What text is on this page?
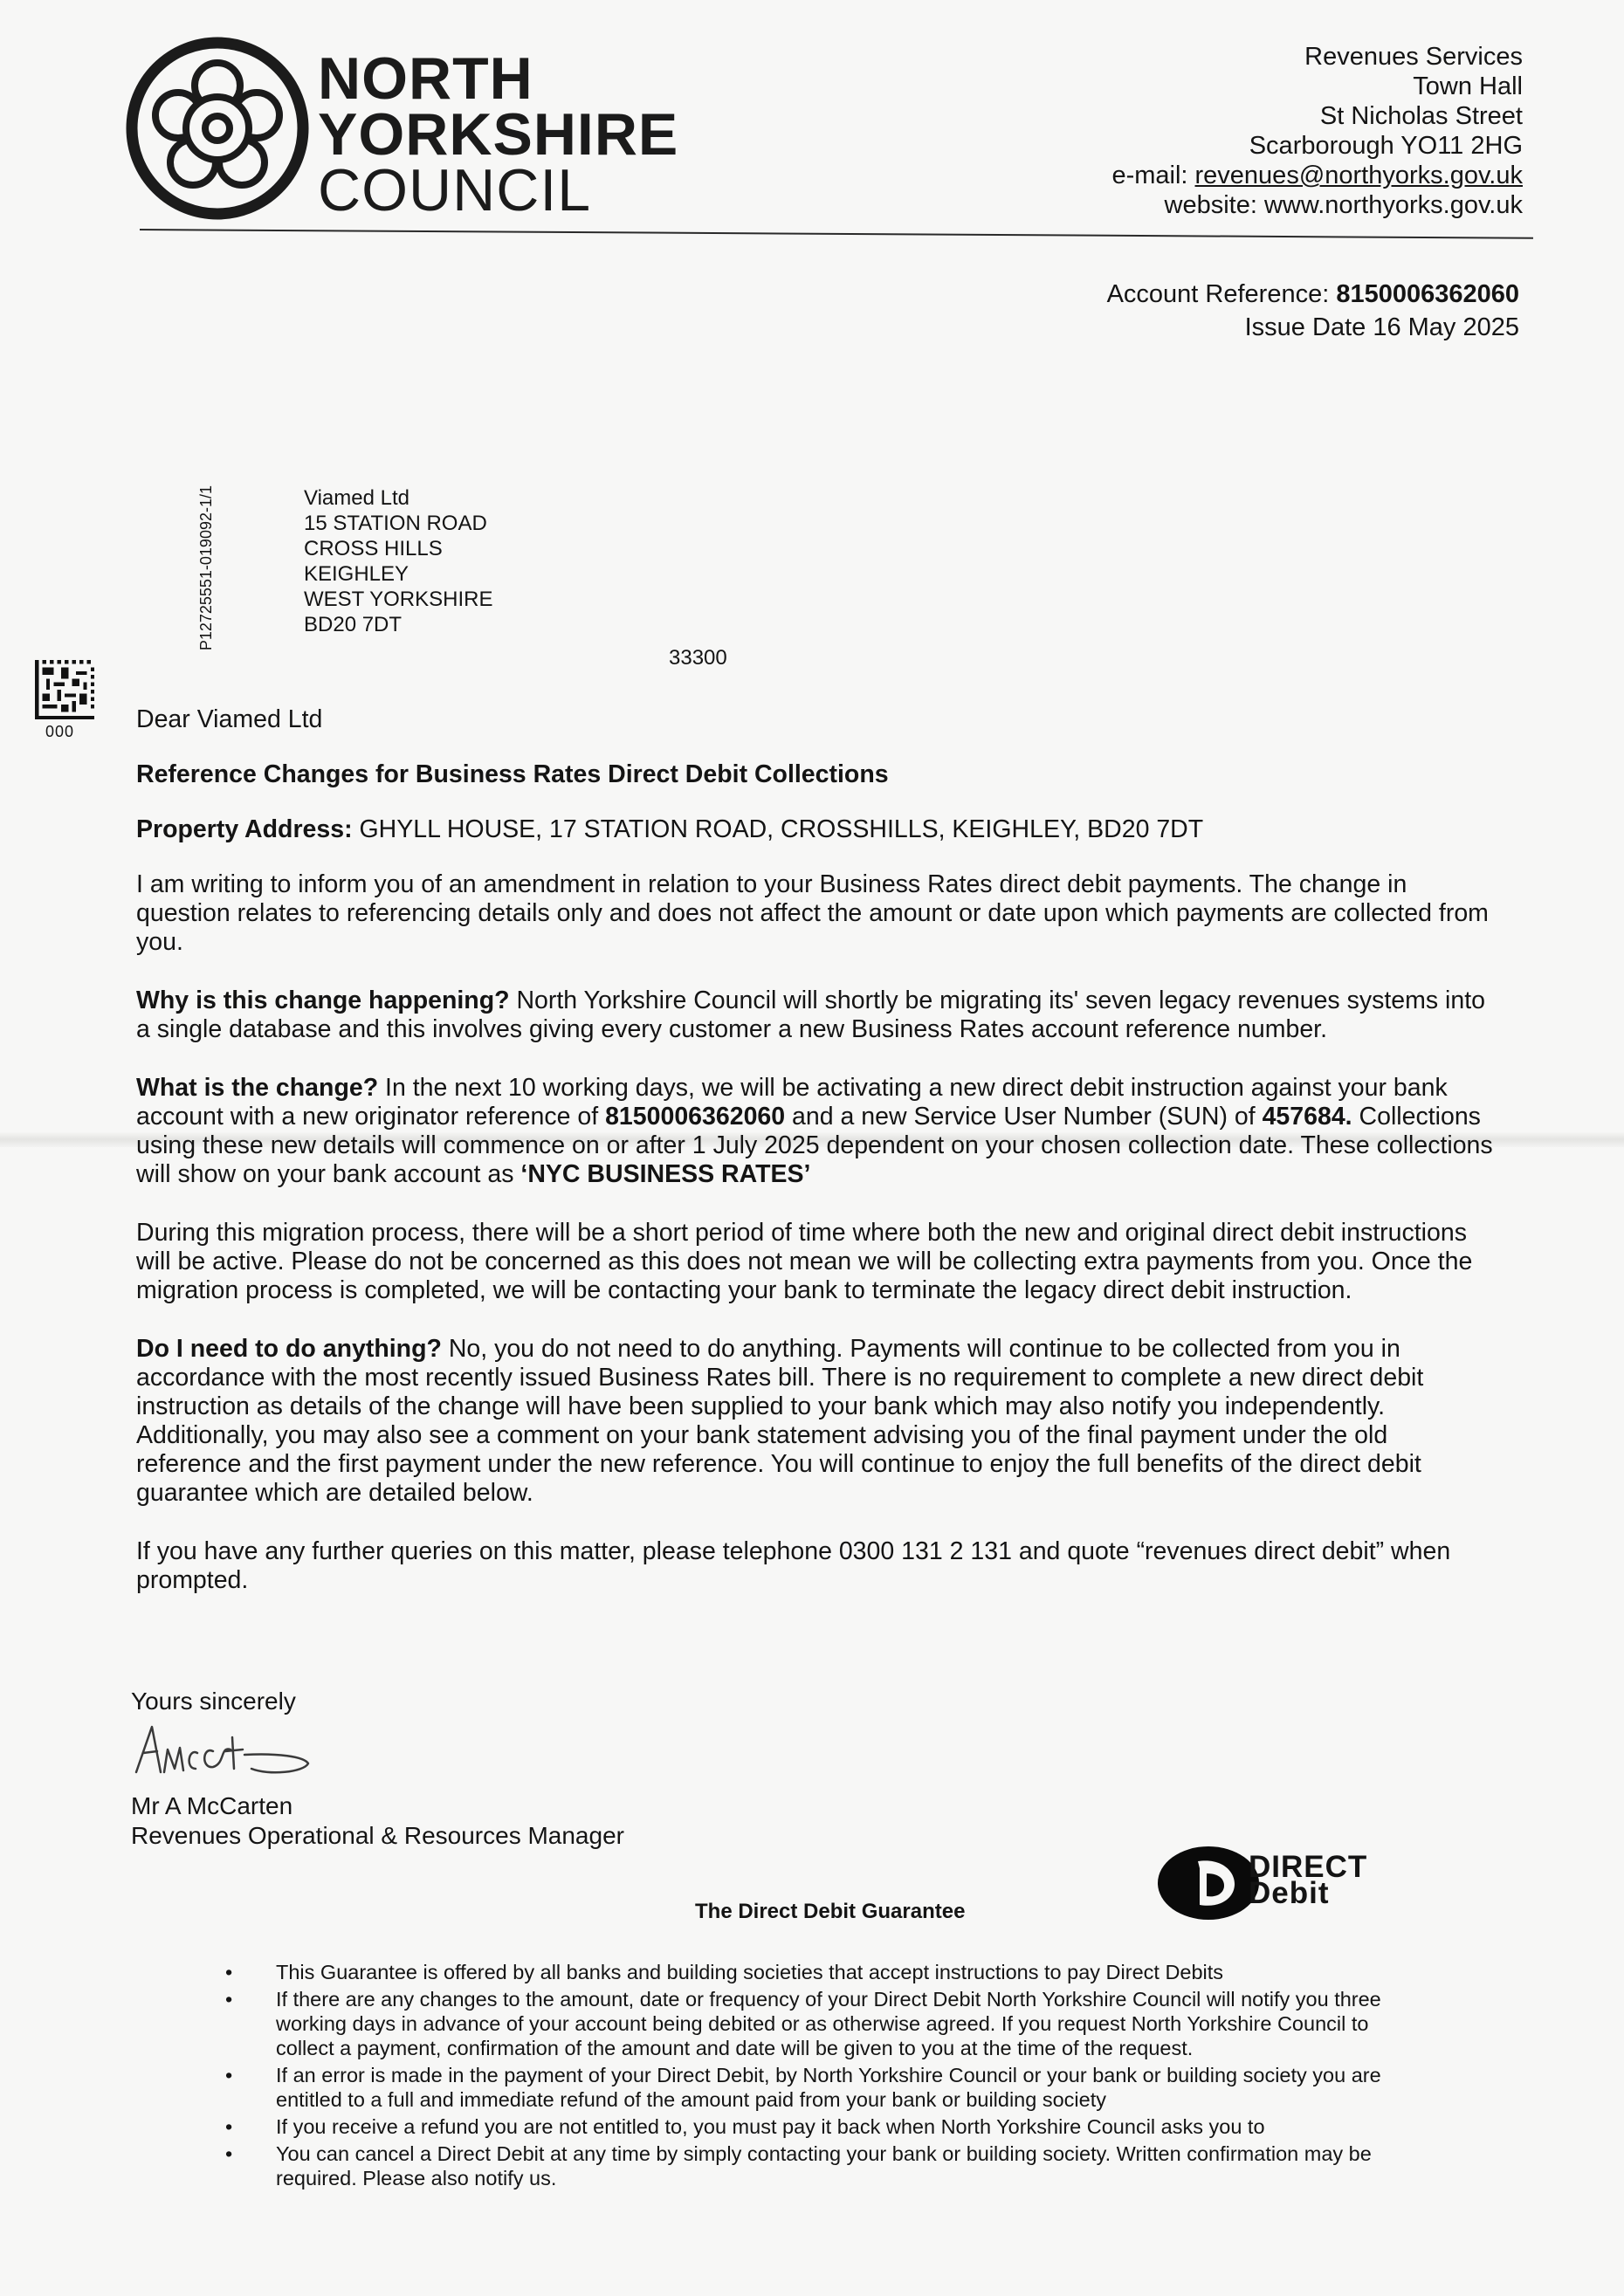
NORTH
YORKSHIRE
COUNCIL
Revenues Services
Town Hall
St Nicholas Street
Scarborough YO11 2HG
e-mail: revenues@northyorks.gov.uk
website: www.northyorks.gov.uk
Account Reference: 8150006362060
Issue Date 16 May 2025
P12725551-019092-1/1	Viamed Ltd
15 STATION ROAD
CROSS HILLS
KEIGHLEY
WEST YORKSHIRE
BD20 7DT
33300
000 Dear Viamed Ltd

Reference Changes for Business Rates Direct Debit Collections

Property Address: GHYLL HOUSE, 17 STATION ROAD, CROSSHILLS, KEIGHLEY, BD20 7DT

I am writing to inform you of an amendment in relation to your Business Rates direct debit payments. The change in question relates to referencing details only and does not affect the amount or date upon which payments are collected from you.

Why is this change happening? North Yorkshire Council will shortly be migrating its' seven legacy revenues systems into a single database and this involves giving every customer a new Business Rates account reference number.

What is the change? In the next 10 working days, we will be activating a new direct debit instruction against your bank account with a new originator reference of 8150006362060 and a new Service User Number (SUN) of 457684. Collections using these new details will commence on or after 1 July 2025 dependent on your chosen collection date. These collections will show on your bank account as ‘NYC BUSINESS RATES’

During this migration process, there will be a short period of time where both the new and original direct debit instructions will be active. Please do not be concerned as this does not mean we will be collecting extra payments from you. Once the migration process is completed, we will be contacting your bank to terminate the legacy direct debit instruction.

Do I need to do anything? No, you do not need to do anything. Payments will continue to be collected from you in accordance with the most recently issued Business Rates bill. There is no requirement to complete a new direct debit instruction as details of the change will have been supplied to your bank which may also notify you independently. Additionally, you may also see a comment on your bank statement advising you of the final payment under the old reference and the first payment under the new reference. You will continue to enjoy the full benefits of the direct debit guarantee which are detailed below.

If you have any further queries on this matter, please telephone 0300 131 2 131 and quote “revenues direct debit” when prompted.

Yours sincerely
Mr A McCarten
Revenues Operational & Resources Manager
DIRECT
Debit
The Direct Debit Guarantee
• This Guarantee is offered by all banks and building societies that accept instructions to pay Direct Debits
• If there are any changes to the amount, date or frequency of your Direct Debit North Yorkshire Council will notify you three working days in advance of your account being debited or as otherwise agreed. If you request North Yorkshire Council to collect a payment, confirmation of the amount and date will be given to you at the time of the request.
• If an error is made in the payment of your Direct Debit, by North Yorkshire Council or your bank or building society you are entitled to a full and immediate refund of the amount paid from your bank or building society
• If you receive a refund you are not entitled to, you must pay it back when North Yorkshire Council asks you to
• You can cancel a Direct Debit at any time by simply contacting your bank or building society. Written confirmation may be required. Please also notify us.
